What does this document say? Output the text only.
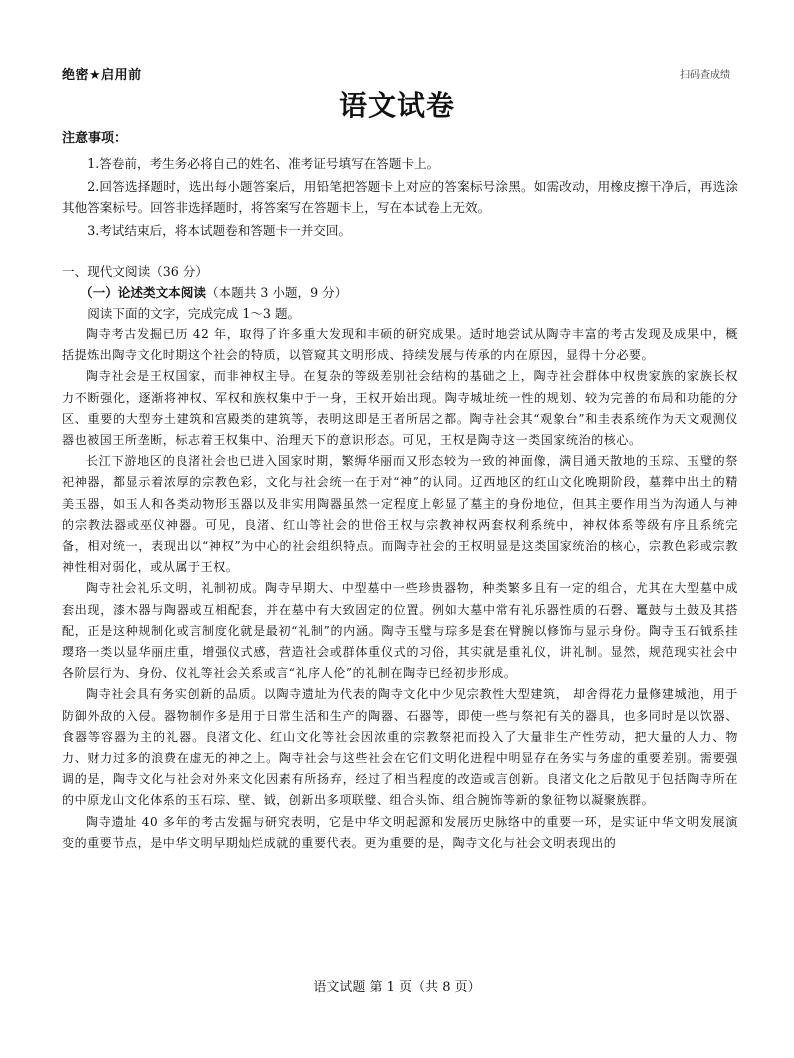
绝密★启用前	扫码查成绩
语文试卷

注意事项：

1.答卷前，考生务必将自己的姓名、准考证号填写在答题卡上。

2.回答选择题时，选出每小题答案后，用铅笔把答题卡上对应的答案标号涂黑。如需改动，用橡皮擦干净后，再选涂其他答案标号。回答非选择题时，将答案写在答题卡上，写在本试卷上无效。

3.考试结束后，将本试题卷和答题卡一并交回。

一、现代文阅读（36 分）

（一）论述类文本阅读（本题共 3 小题，9 分）

阅读下面的文字，完成完成 1～3 题。

陶寺考古发掘已历 42 年，取得了许多重大发现和丰硕的研究成果。适时地尝试从陶寺丰富的考古发现及成果中，概括提炼出陶寺文化时期这个社会的特质，以管窥其文明形成、持续发展与传承的内在原因，显得十分必要。

陶寺社会是王权国家，而非神权主导。在复杂的等级差别社会结构的基础之上，陶寺社会群体中权贵家族的家族长权力不断强化，逐渐将神权、军权和族权集中于一身，王权开始出现。陶寺城址统一性的规划、较为完善的布局和功能的分区、重要的大型夯土建筑和宫殿类的建筑等，表明这即是王者所居之都。陶寺社会其“观象台”和圭表系统作为天文观测仪器也被国王所垄断，标志着王权集中、治理天下的意识形态。可见，王权是陶寺这一类国家统治的核心。

长江下游地区的良渚社会也已进入国家时期，繁缛华丽而又形态较为一致的神面像，满目通天散地的玉琮、玉璧的祭祀神器，都显示着浓厚的宗教色彩，文化与社会统一在于对“神”的认同。辽西地区的红山文化晚期阶段，墓葬中出土的精美玉器，如玉人和各类动物形玉器以及非实用陶器虽然一定程度上彰显了墓主的身份地位，但其主要作用当为沟通人与神的宗教法器或巫仪神器。可见，良渚、红山等社会的世俗王权与宗教神权两套权利系统中，神权体系等级有序且系统完备，相对统一，表现出以“神权”为中心的社会组织特点。而陶寺社会的王权明显是这类国家统治的核心，宗教色彩或宗教神性相对弱化，或从属于王权。

陶寺社会礼乐文明，礼制初成。陶寺早期大、中型墓中一些珍贵器物，种类繁多且有一定的组合，尤其在大型墓中成套出现，漆木器与陶器或互相配套，并在墓中有大致固定的位置。例如大墓中常有礼乐器性质的石磬、鼍鼓与土鼓及其搭配，正是这种规制化或言制度化就是最初“礼制”的内涵。陶寺玉璧与琮多是套在臂腕以修饰与显示身份。陶寺玉石钺系挂璎珞一类以显华丽庄重，增强仪式感，营造社会或群体重仪式的习俗，其实就是重礼仪，讲礼制。显然，规范现实社会中各阶层行为、身份、仪礼等社会关系或言“礼序人伦”的礼制在陶寺已经初步形成。

陶寺社会具有务实创新的品质。以陶寺遗址为代表的陶寺文化中少见宗教性大型建筑， 却舍得花力量修建城池，用于防御外敌的入侵。器物制作多是用于日常生活和生产的陶器、石器等，即使一些与祭祀有关的器具，也多同时是以饮器、食器等容器为主的礼器。良渚文化、红山文化等社会因浓重的宗教祭祀而投入了大量非生产性劳动，把大量的人力、物力、财力过多的浪费在虚无的神之上。陶寺社会与这些社会在它们文明化进程中明显存在务实与务虚的重要差别。需要强调的是，陶寺文化与社会对外来文化因素有所扬弃，经过了相当程度的改造或言创新。良渚文化之后散见于包括陶寺所在的中原龙山文化体系的玉石琮、壁、钺，创新出多项联璧、组合头饰、组合腕饰等新的象征物以凝聚族群。

陶寺遗址 40 多年的考古发掘与研究表明，它是中华文明起源和发展历史脉络中的重要一环，是实证中华文明发展演变的重要节点，是中华文明早期灿烂成就的重要代表。更为重要的是，陶寺文化与社会文明表现出的

语文试题 第 1 页（共 8 页）
